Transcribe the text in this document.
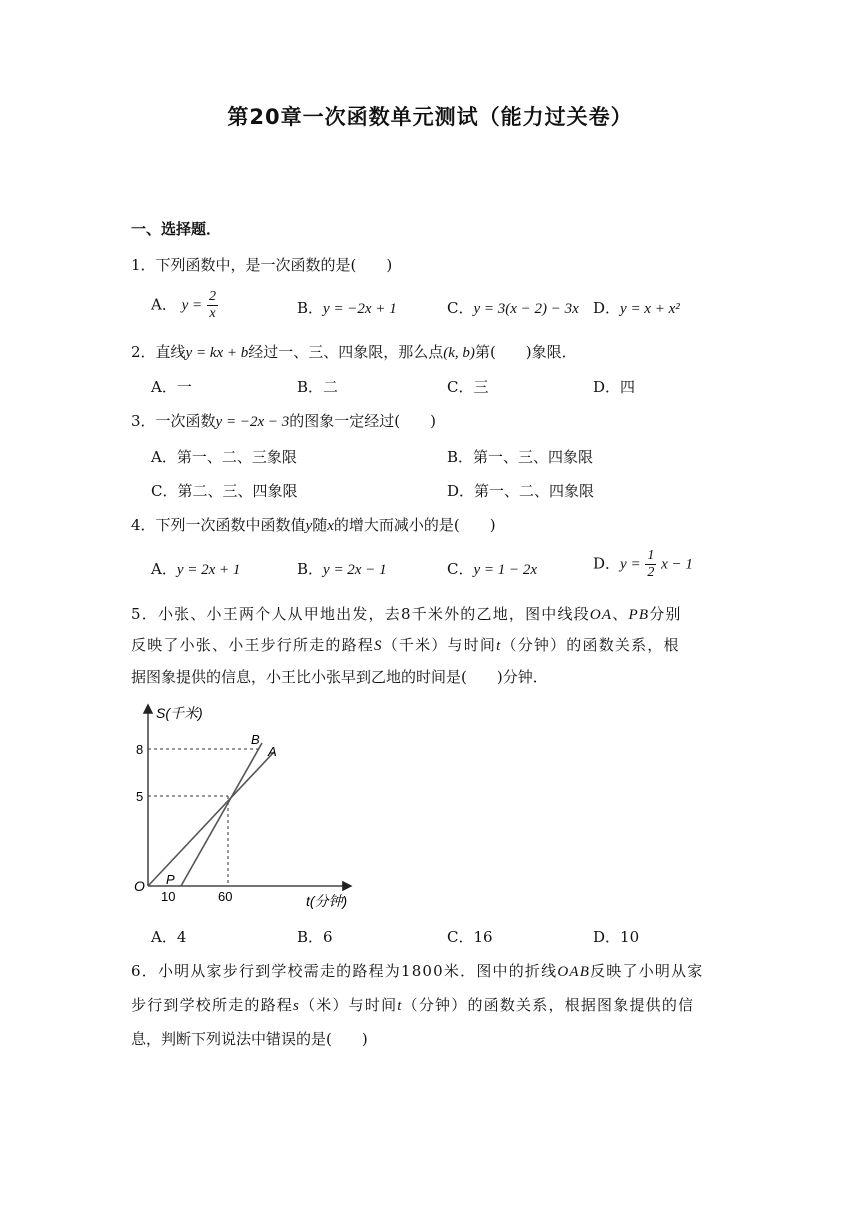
第20章一次函数单元测试（能力过关卷）
一、选择题．
1．下列函数中，是一次函数的是(　　)
A． $y = \frac{2}{x}$	B．y = −2x + 1	C．y = 3(x − 2) − 3x D．y = x + x²
2．直线y = kx + b经过一、三、四象限，那么点(k, b)第(　　)象限．
A．一	B．二	C．三	D．四
3．一次函数y = −2x − 3的图象一定经过(　　)
A．第一、二、三象限	B．第一、三、四象限
C．第二、三、四象限	D．第一、二、四象限
4．下列一次函数中函数值y随x的增大而减小的是(　　)
A．y = 2x + 1	B．y = 2x − 1	C．y = 1 − 2x	D．$y = \frac{1}{2}$ x − 1
5．小张、小王两个人从甲地出发，去8千米外的乙地，图中线段OA、PB分别
反映了小张、小王步行所走的路程S（千米）与时间t（分钟）的函数关系，根
据图象提供的信息，小王比小张早到乙地的时间是(　　)分钟．
S(千米)
t(分钟)
8
5
10	60
O P
B
A
A．4	B．6	C．16	D．10
6．小明从家步行到学校需走的路程为1800米．图中的折线OAB反映了小明从家
步行到学校所走的路程s（米）与时间t（分钟）的函数关系，根据图象提供的信
息，判断下列说法中错误的是(　　)
